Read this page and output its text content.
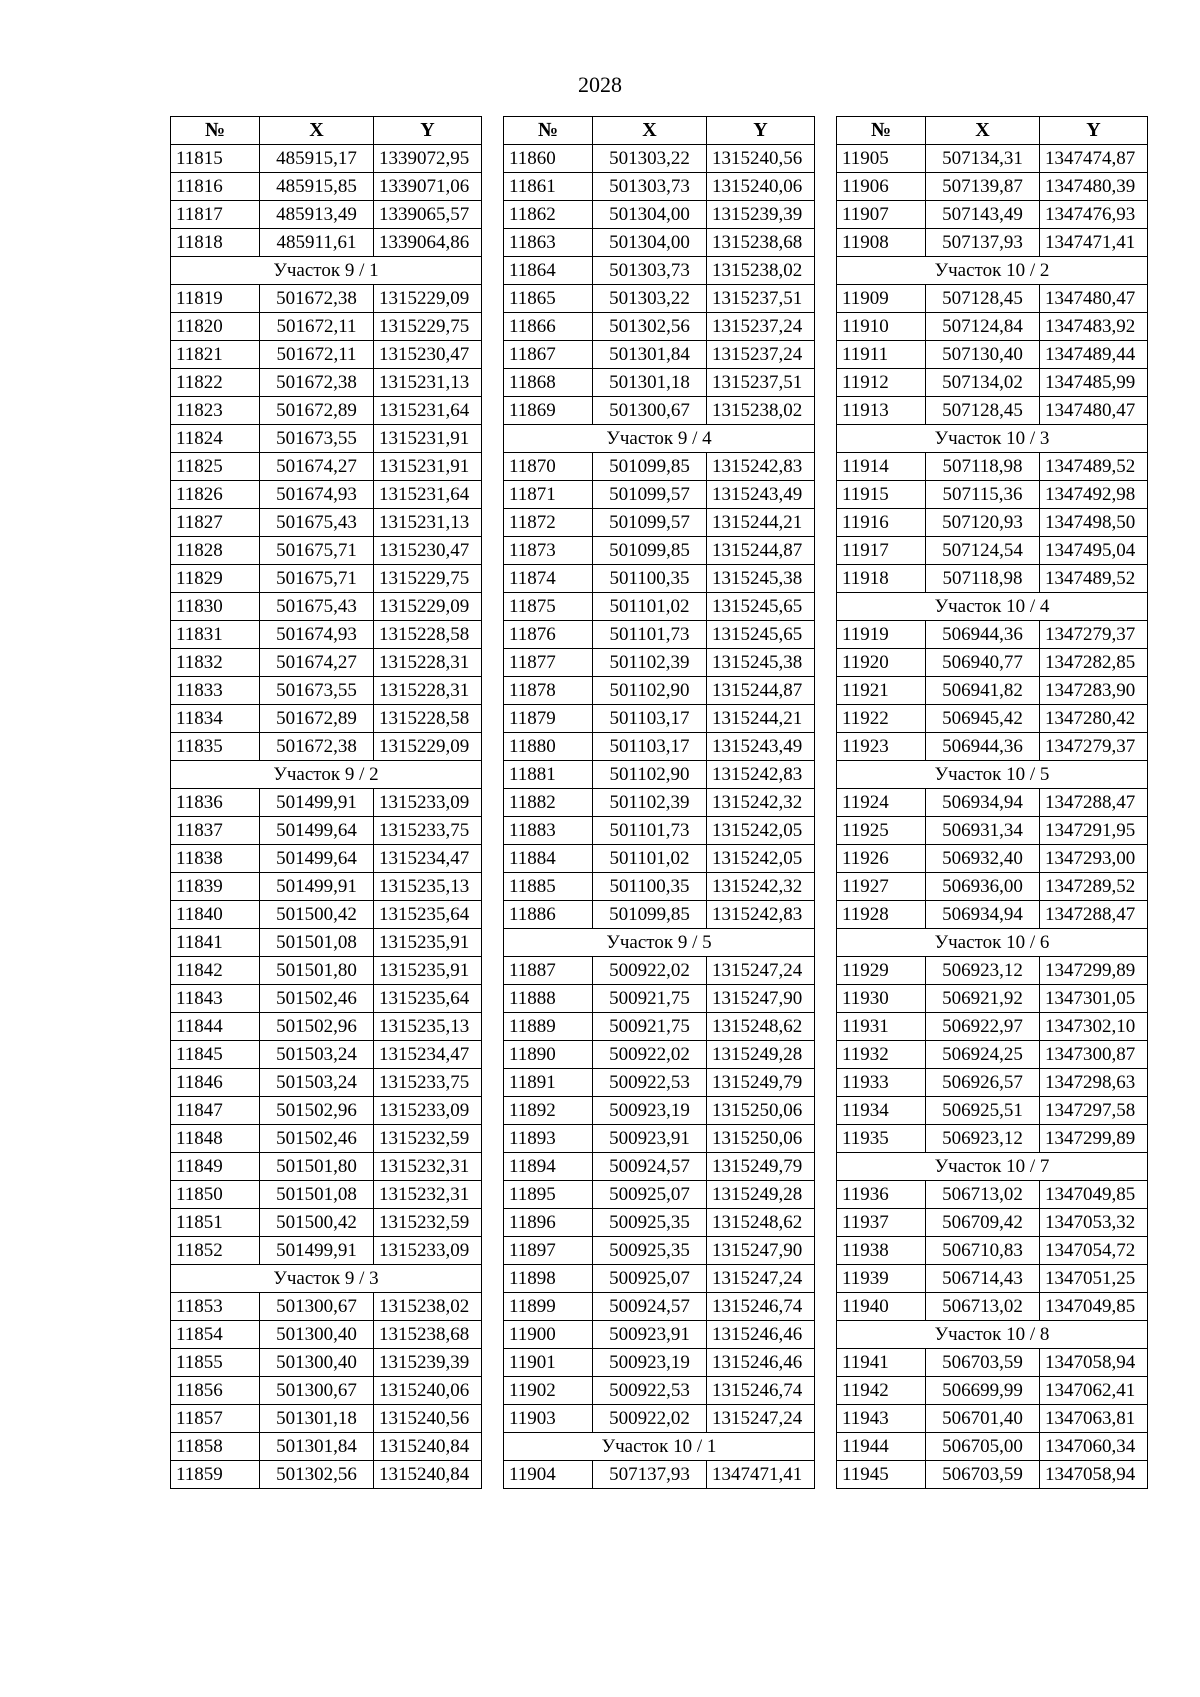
2028
№	X	Y
11815	485915,17	1339072,95
11816	485915,85	1339071,06
11817	485913,49	1339065,57
11818	485911,61	1339064,86
Участок 9 / 1		
11819	501672,38	1315229,09
11820	501672,11	1315229,75
11821	501672,11	1315230,47
11822	501672,38	1315231,13
11823	501672,89	1315231,64
11824	501673,55	1315231,91
11825	501674,27	1315231,91
11826	501674,93	1315231,64
11827	501675,43	1315231,13
11828	501675,71	1315230,47
11829	501675,71	1315229,75
11830	501675,43	1315229,09
11831	501674,93	1315228,58
11832	501674,27	1315228,31
11833	501673,55	1315228,31
11834	501672,89	1315228,58
11835	501672,38	1315229,09
Участок 9 / 2		
11836	501499,91	1315233,09
11837	501499,64	1315233,75
11838	501499,64	1315234,47
11839	501499,91	1315235,13
11840	501500,42	1315235,64
11841	501501,08	1315235,91
11842	501501,80	1315235,91
11843	501502,46	1315235,64
11844	501502,96	1315235,13
11845	501503,24	1315234,47
11846	501503,24	1315233,75
11847	501502,96	1315233,09
11848	501502,46	1315232,59
11849	501501,80	1315232,31
11850	501501,08	1315232,31
11851	501500,42	1315232,59
11852	501499,91	1315233,09
Участок 9 / 3		
11853	501300,67	1315238,02
11854	501300,40	1315238,68
11855	501300,40	1315239,39
11856	501300,67	1315240,06
11857	501301,18	1315240,56
11858	501301,84	1315240,84
11859	501302,56	1315240,84
№	X	Y
11860	501303,22	1315240,56
11861	501303,73	1315240,06
11862	501304,00	1315239,39
11863	501304,00	1315238,68
11864	501303,73	1315238,02
11865	501303,22	1315237,51
11866	501302,56	1315237,24
11867	501301,84	1315237,24
11868	501301,18	1315237,51
11869	501300,67	1315238,02
Участок 9 / 4		
11870	501099,85	1315242,83
11871	501099,57	1315243,49
11872	501099,57	1315244,21
11873	501099,85	1315244,87
11874	501100,35	1315245,38
11875	501101,02	1315245,65
11876	501101,73	1315245,65
11877	501102,39	1315245,38
11878	501102,90	1315244,87
11879	501103,17	1315244,21
11880	501103,17	1315243,49
11881	501102,90	1315242,83
11882	501102,39	1315242,32
11883	501101,73	1315242,05
11884	501101,02	1315242,05
11885	501100,35	1315242,32
11886	501099,85	1315242,83
Участок 9 / 5		
11887	500922,02	1315247,24
11888	500921,75	1315247,90
11889	500921,75	1315248,62
11890	500922,02	1315249,28
11891	500922,53	1315249,79
11892	500923,19	1315250,06
11893	500923,91	1315250,06
11894	500924,57	1315249,79
11895	500925,07	1315249,28
11896	500925,35	1315248,62
11897	500925,35	1315247,90
11898	500925,07	1315247,24
11899	500924,57	1315246,74
11900	500923,91	1315246,46
11901	500923,19	1315246,46
11902	500922,53	1315246,74
11903	500922,02	1315247,24
Участок 10 / 1		
11904	507137,93	1347471,41
№	X	Y
11905	507134,31	1347474,87
11906	507139,87	1347480,39
11907	507143,49	1347476,93
11908	507137,93	1347471,41
Участок 10 / 2		
11909	507128,45	1347480,47
11910	507124,84	1347483,92
11911	507130,40	1347489,44
11912	507134,02	1347485,99
11913	507128,45	1347480,47
Участок 10 / 3		
11914	507118,98	1347489,52
11915	507115,36	1347492,98
11916	507120,93	1347498,50
11917	507124,54	1347495,04
11918	507118,98	1347489,52
Участок 10 / 4		
11919	506944,36	1347279,37
11920	506940,77	1347282,85
11921	506941,82	1347283,90
11922	506945,42	1347280,42
11923	506944,36	1347279,37
Участок 10 / 5		
11924	506934,94	1347288,47
11925	506931,34	1347291,95
11926	506932,40	1347293,00
11927	506936,00	1347289,52
11928	506934,94	1347288,47
Участок 10 / 6		
11929	506923,12	1347299,89
11930	506921,92	1347301,05
11931	506922,97	1347302,10
11932	506924,25	1347300,87
11933	506926,57	1347298,63
11934	506925,51	1347297,58
11935	506923,12	1347299,89
Участок 10 / 7		
11936	506713,02	1347049,85
11937	506709,42	1347053,32
11938	506710,83	1347054,72
11939	506714,43	1347051,25
11940	506713,02	1347049,85
Участок 10 / 8		
11941	506703,59	1347058,94
11942	506699,99	1347062,41
11943	506701,40	1347063,81
11944	506705,00	1347060,34
11945	506703,59	1347058,94
